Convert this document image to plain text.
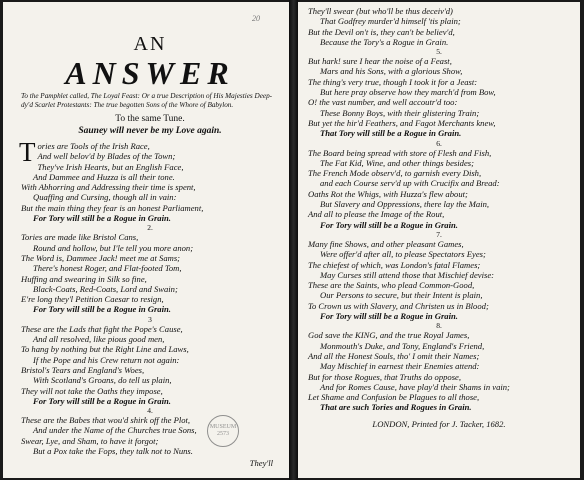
20
AN
ANSWER
To the Pamphlet called, The Loyal Feast: Or a true Description of His Majesties Deep-dy'd Scarlet Protestants: The true begotten Sons of the Whore of Babylon.
To the same Tune.
Sauney will never be my Love again.
T ories are Tools of the Irish Race,
And well belov'd by Blades of the Town;
They've Irish Hearts, but an English Face,
And Dammee and Huzza is all their tone.
With Abhorring and Addressing their time is spent,
Quaffing and Cursing, though all in vain:
But the main thing they fear is an honest Parliament,
For Tory will still be a Rogue in Grain.
2.
Tories are made like Bristol Cans,
Round and hollow, but I'le tell you more anon;
The Word is, Dammee Jack! meet me at Sams;
There's honest Roger, and Flat-footed Tom,
Huffing and swearing in Silk so fine,
Black-Coats, Red-Coats, Lord and Swain;
E're long they'l Petition Caesar to resign,
For Tory will still be a Rogue in Grain.
3
These are the Lads that fight the Pope's Cause,
And all resolved, like pious good men,
To hang by nothing but the Right Line and Laws,
If the Pope and his Crew return not again:
Bristol's Tears and England's Woes,
With Scotland's Groans, do tell us plain,
They will not take the Oaths they impose,
For Tory will still be a Rogue in Grain.
4.
These are the Babes that wou'd shirk off the Plot,
And under the Name of the Churches true Sons,
Swear, Lye, and Sham, to have it forgot;
But a Pox take the Fops, they talk not to Nuns.
They'll
MUSEUM
2573
They'll swear (but who'll be thus deceiv'd)
That Godfrey murder'd himself 'tis plain;
But the Devil on't is, they can't be believ'd,
Because the Tory's a Rogue in Grain.
5.
But hark! sure I hear the noise of a Feast,
Mars and his Sons, with a glorious Show,
The thing's very true, though I took it for a Jeast:
But here pray observe how they march'd from Bow,
O! the vast number, and well accoutr'd too:
These Bonny Boys, with their glistering Train;
But yet the hir'd Feathers, and Fagot Merchants knew,
That Tory will still be a Rogue in Grain.
6.
The Board being spread with store of Flesh and Fish,
The Fat Kid, Wine, and other things besides;
The French Mode observ'd, to garnish every Dish,
and each Course serv'd up with Crucifix and Bread:
Oaths Rot the Whigs, with Huzza's flew about;
But Slavery and Oppressions, there lay the Main,
And all to please the Image of the Rout,
For Tory will still be a Rogue in Grain.
7.
Many fine Shows, and other pleasant Games,
Were offer'd after all, to please Spectators Eyes;
The chiefest of which, was London's fatal Flames;
May Curses still attend those that Mischief devise:
These are the Saints, who plead Common-Good,
Our Persons to secure, but their Intent is plain,
To Crown us with Slavery, and Christen us in Blood;
For Tory will still be a Rogue in Grain.
8.
God save the KING, and the true Royal James,
Monmouth's Duke, and Tony, England's Friend,
And all the Honest Souls, tho' I omit their Names;
May Mischief in earnest their Enemies attend:
But for those Rogues, that Truths do oppose,
And for Romes Cause, have play'd their Shams in vain;
Let Shame and Confusion be Plagues to all those,
That are such Tories and Rogues in Grain.
LONDON, Printed for J. Tacker, 1682.
